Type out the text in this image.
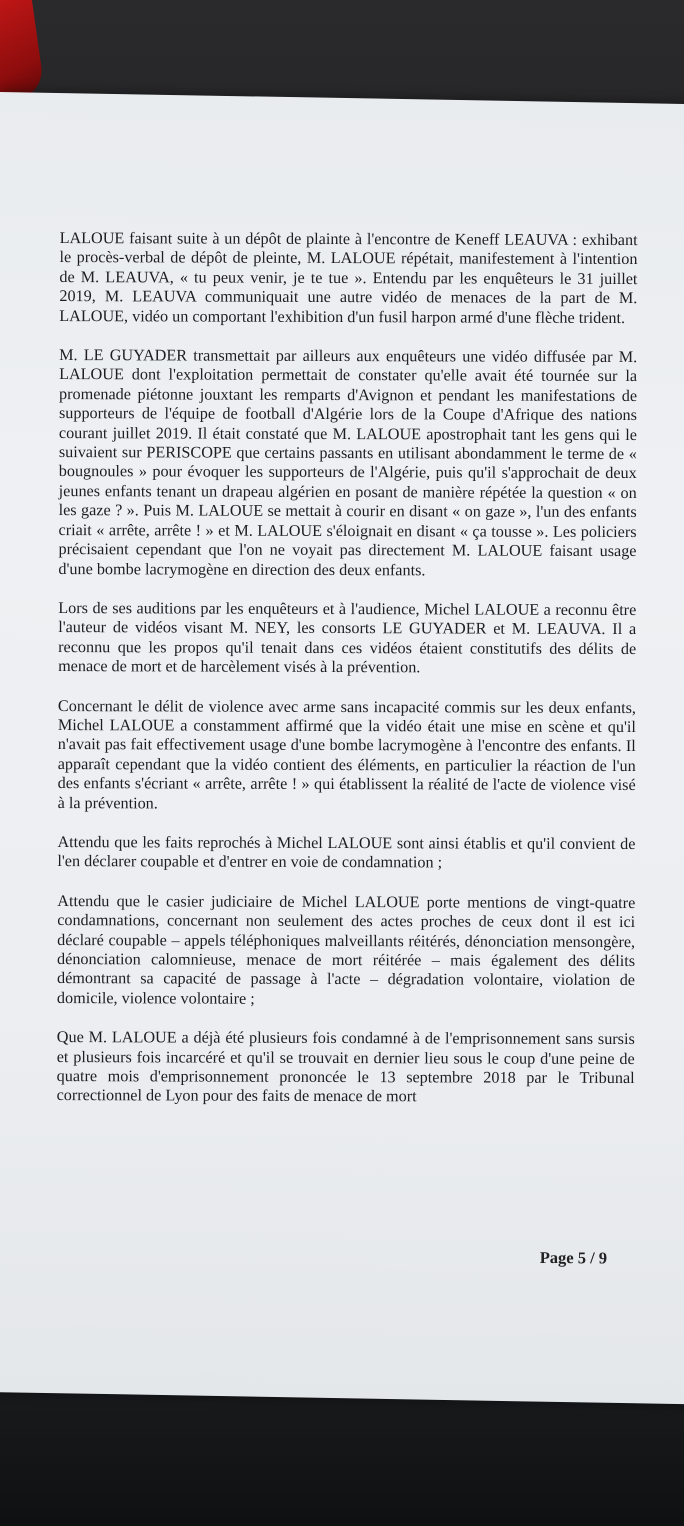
LALOUE faisant suite à un dépôt de plainte à l'encontre de Keneff LEAUVA : exhibant le procès-verbal de dépôt de pleinte, M. LALOUE répétait, manifestement à l'intention de M. LEAUVA, « tu peux venir, je te tue ». Entendu par les enquêteurs le 31 juillet 2019, M. LEAUVA communiquait une autre vidéo de menaces de la part de M. LALOUE, vidéo un comportant l'exhibition d'un fusil harpon armé d'une flèche trident.

M. LE GUYADER transmettait par ailleurs aux enquêteurs une vidéo diffusée par M. LALOUE dont l'exploitation permettait de constater qu'elle avait été tournée sur la promenade piétonne jouxtant les remparts d'Avignon et pendant les manifestations de supporteurs de l'équipe de football d'Algérie lors de la Coupe d'Afrique des nations courant juillet 2019. Il était constaté que M. LALOUE apostrophait tant les gens qui le suivaient sur PERISCOPE que certains passants en utilisant abondamment le terme de « bougnoules » pour évoquer les supporteurs de l'Algérie, puis qu'il s'approchait de deux jeunes enfants tenant un drapeau algérien en posant de manière répétée la question « on les gaze ? ». Puis M. LALOUE se mettait à courir en disant « on gaze », l'un des enfants criait « arrête, arrête ! » et M. LALOUE s'éloignait en disant « ça tousse ». Les policiers précisaient cependant que l'on ne voyait pas directement M. LALOUE faisant usage d'une bombe lacrymogène en direction des deux enfants.

Lors de ses auditions par les enquêteurs et à l'audience, Michel LALOUE a reconnu être l'auteur de vidéos visant M. NEY, les consorts LE GUYADER et M. LEAUVA. Il a reconnu que les propos qu'il tenait dans ces vidéos étaient constitutifs des délits de menace de mort et de harcèlement visés à la prévention.

Concernant le délit de violence avec arme sans incapacité commis sur les deux enfants, Michel LALOUE a constamment affirmé que la vidéo était une mise en scène et qu'il n'avait pas fait effectivement usage d'une bombe lacrymogène à l'encontre des enfants. Il apparaît cependant que la vidéo contient des éléments, en particulier la réaction de l'un des enfants s'écriant « arrête, arrête ! » qui établissent la réalité de l'acte de violence visé à la prévention.

Attendu que les faits reprochés à Michel LALOUE sont ainsi établis et qu'il convient de l'en déclarer coupable et d'entrer en voie de condamnation ;

Attendu que le casier judiciaire de Michel LALOUE porte mentions de vingt-quatre condamnations, concernant non seulement des actes proches de ceux dont il est ici déclaré coupable – appels téléphoniques malveillants réitérés, dénonciation mensongère, dénonciation calomnieuse, menace de mort réitérée – mais également des délits démontrant sa capacité de passage à l'acte – dégradation volontaire, violation de domicile, violence volontaire ;

Que M. LALOUE a déjà été plusieurs fois condamné à de l'emprisonnement sans sursis et plusieurs fois incarcéré et qu'il se trouvait en dernier lieu sous le coup d'une peine de quatre mois d'emprisonnement prononcée le 13 septembre 2018 par le Tribunal correctionnel de Lyon pour des faits de menace de mort

Page 5 / 9
